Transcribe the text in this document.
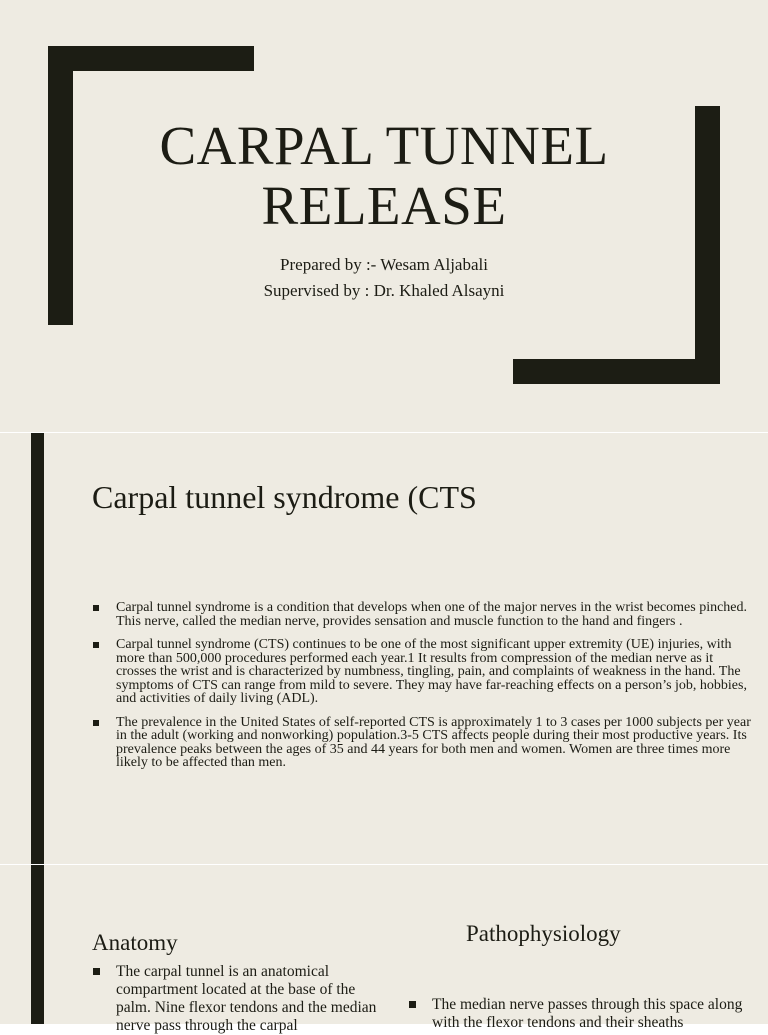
CARPAL TUNNEL
RELEASE
Prepared by :- Wesam Aljabali
Supervised by : Dr. Khaled Alsayni
Carpal tunnel syndrome (CTS
Carpal tunnel syndrome is a condition that develops when one of the major nerves in the wrist becomes pinched. This nerve, called the median nerve, provides sensation and muscle function to the hand and fingers .
Carpal tunnel syndrome (CTS) continues to be one of the most significant upper extremity (UE) injuries, with more than 500,000 procedures performed each year.1 It results from compression of the median nerve as it crosses the wrist and is characterized by numbness, tingling, pain, and complaints of weakness in the hand. The symptoms of CTS can range from mild to severe. They may have far-reaching effects on a person’s job, hobbies, and activities of daily living (ADL).
The prevalence in the United States of self-reported CTS is approximately 1 to 3 cases per 1000 subjects per year in the adult (working and nonworking) population.3-5 CTS affects people during their most productive years. Its prevalence peaks between the ages of 35 and 44 years for both men and women. Women are three times more likely to be affected than men.
Anatomy	Pathophysiology
The carpal tunnel is an anatomical compartment located at the base of the palm. Nine flexor tendons and the median nerve pass through the carpal
The median nerve passes through this space along with the flexor tendons and their sheaths
